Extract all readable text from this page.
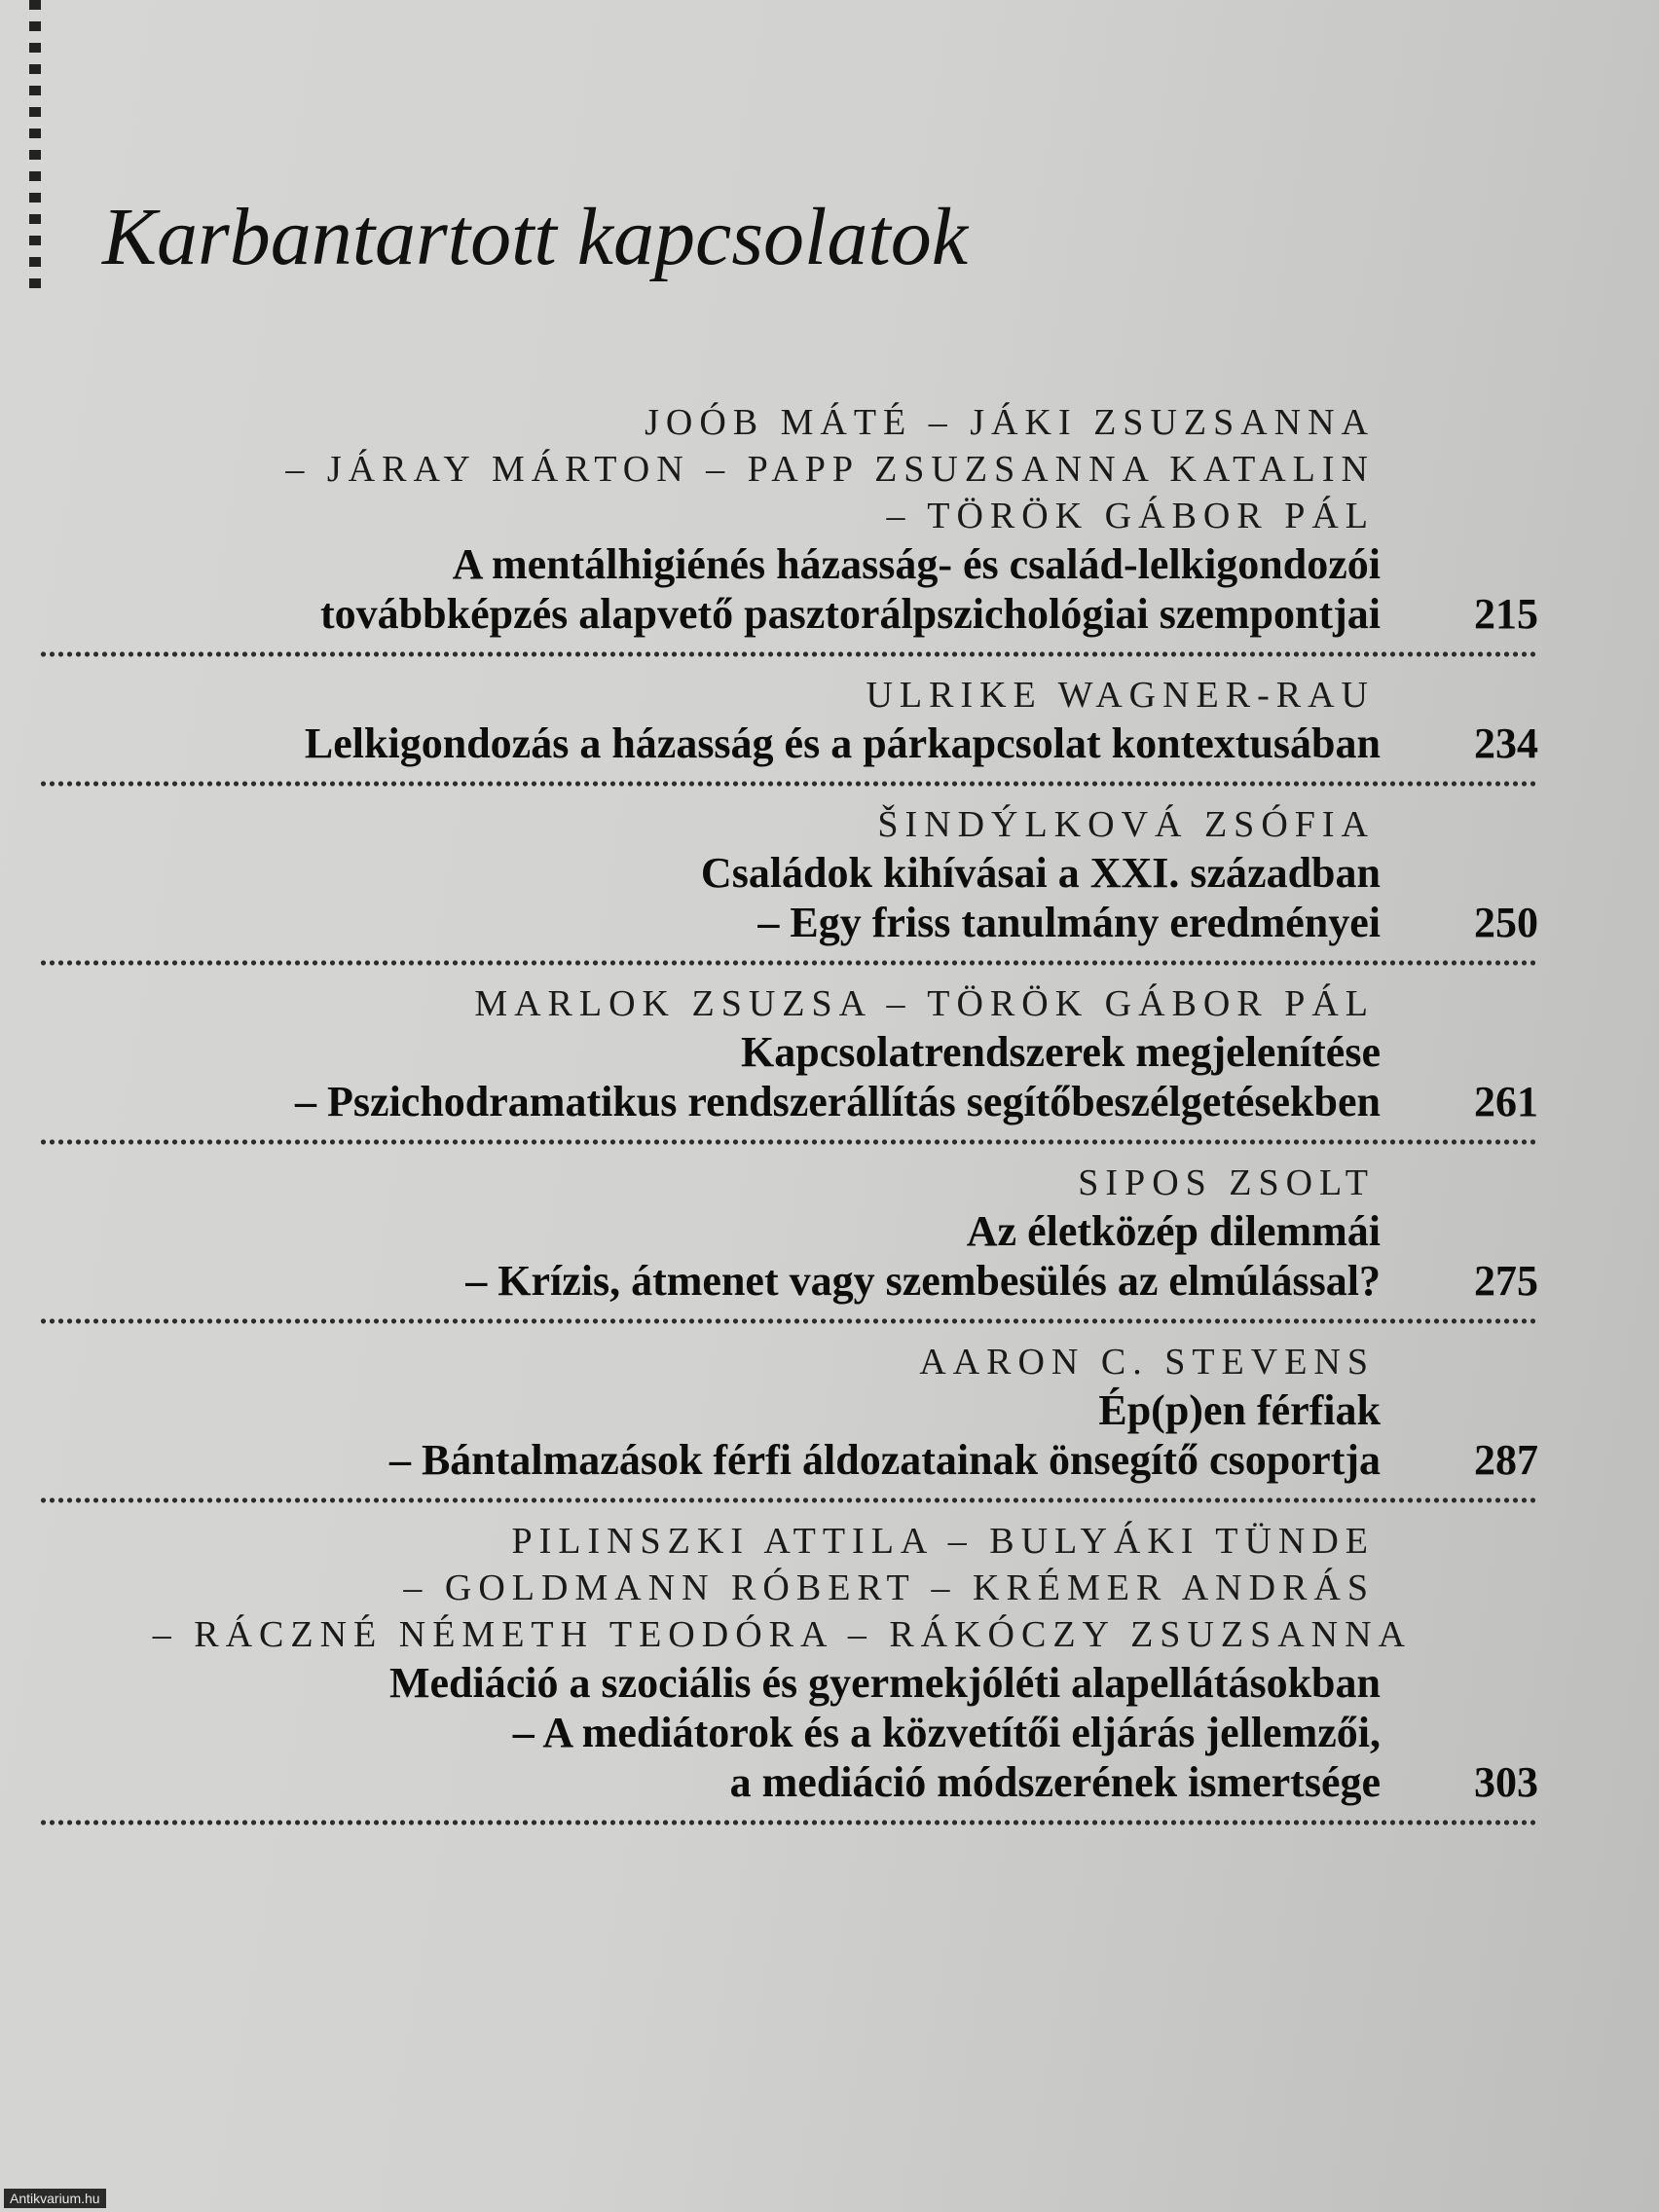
Karbantartott kapcsolatok
JOÓB MÁTÉ – JÁKI ZSUZSANNA
– JÁRAY MÁRTON – PAPP ZSUZSANNA KATALIN
– TÖRÖK GÁBOR PÁL
A mentálhigiénés házasság- és család-lelkigondozói
továbbképzés alapvető pasztorálpszichológiai szempontjai	215
ULRIKE WAGNER-RAU
Lelkigondozás a házasság és a párkapcsolat kontextusában	234
ŠINDÝLKOVÁ ZSÓFIA
Családok kihívásai a XXI. században
– Egy friss tanulmány eredményei	250
MARLOK ZSUZSA – TÖRÖK GÁBOR PÁL
Kapcsolatrendszerek megjelenítése
– Pszichodramatikus rendszerállítás segítőbeszélgetésekben	261
SIPOS ZSOLT
Az életközép dilemmái
– Krízis, átmenet vagy szembesülés az elmúlással?	275
AARON C. STEVENS
Ép(p)en férfiak
– Bántalmazások férfi áldozatainak önsegítő csoportja	287
PILINSZKI ATTILA – BULYÁKI TÜNDE
– GOLDMANN RÓBERT – KRÉMER ANDRÁS
– RÁCZNÉ NÉMETH TEODÓRA – RÁKÓCZY ZSUZSANNA
Mediáció a szociális és gyermekjóléti alapellátásokban
– A mediátorok és a közvetítői eljárás jellemzői,
a mediáció módszerének ismertsége	303
Antikvarium.hu
